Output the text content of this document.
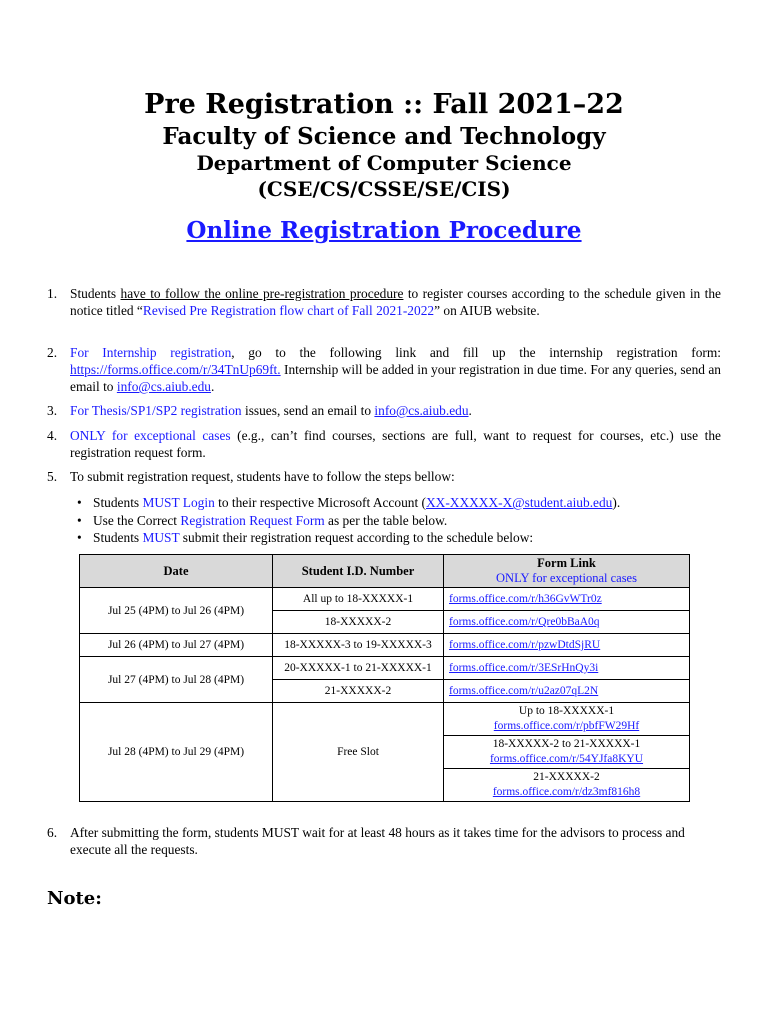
Pre Registration :: Fall 2021–22
Faculty of Science and Technology
Department of Computer Science
(CSE/CS/CSSE/SE/CIS)
Online Registration Procedure
1. Students have to follow the online pre-registration procedure to register courses according to the schedule given in the notice titled “Revised Pre Registration flow chart of Fall 2021-2022” on AIUB website.
2. For Internship registration, go to the following link and fill up the internship registration form: https://forms.office.com/r/34TnUp69ft. Internship will be added in your registration in due time. For any queries, send an email to info@cs.aiub.edu.
3. For Thesis/SP1/SP2 registration issues, send an email to info@cs.aiub.edu.
4. ONLY for exceptional cases (e.g., can’t find courses, sections are full, want to request for courses, etc.) use the registration request form.
5. To submit registration request, students have to follow the steps bellow:
• Students MUST Login to their respective Microsoft Account (XX-XXXXX-X@student.aiub.edu).
• Use the Correct Registration Request Form as per the table below.
• Students MUST submit their registration request according to the schedule below:
Date	Student I.D. Number	Form Link
ONLY for exceptional cases

Jul 25 (4PM) to Jul 26 (4PM)	All up to 18-XXXXX-1	forms.office.com/r/h36GvWTr0z
	18-XXXXX-2	forms.office.com/r/Qre0bBaA0q
Jul 26 (4PM) to Jul 27 (4PM)	18-XXXXX-3 to 19-XXXXX-3	forms.office.com/r/pzwDtdSjRU
Jul 27 (4PM) to Jul 28 (4PM)	20-XXXXX-1 to 21-XXXXX-1	forms.office.com/r/3ESrHnQy3i
	21-XXXXX-2	forms.office.com/r/u2az07qL2N
Jul 28 (4PM) to Jul 29 (4PM)	Free Slot	Up to 18-XXXXX-1
forms.office.com/r/pbfFW29Hf

		18-XXXXX-2 to 21-XXXXX-1
forms.office.com/r/54YJfa8KYU

		21-XXXXX-2
forms.office.com/r/dz3mf816h8
6. After submitting the form, students MUST wait for at least 48 hours as it takes time for the advisors to process and execute all the requests.
Note:
